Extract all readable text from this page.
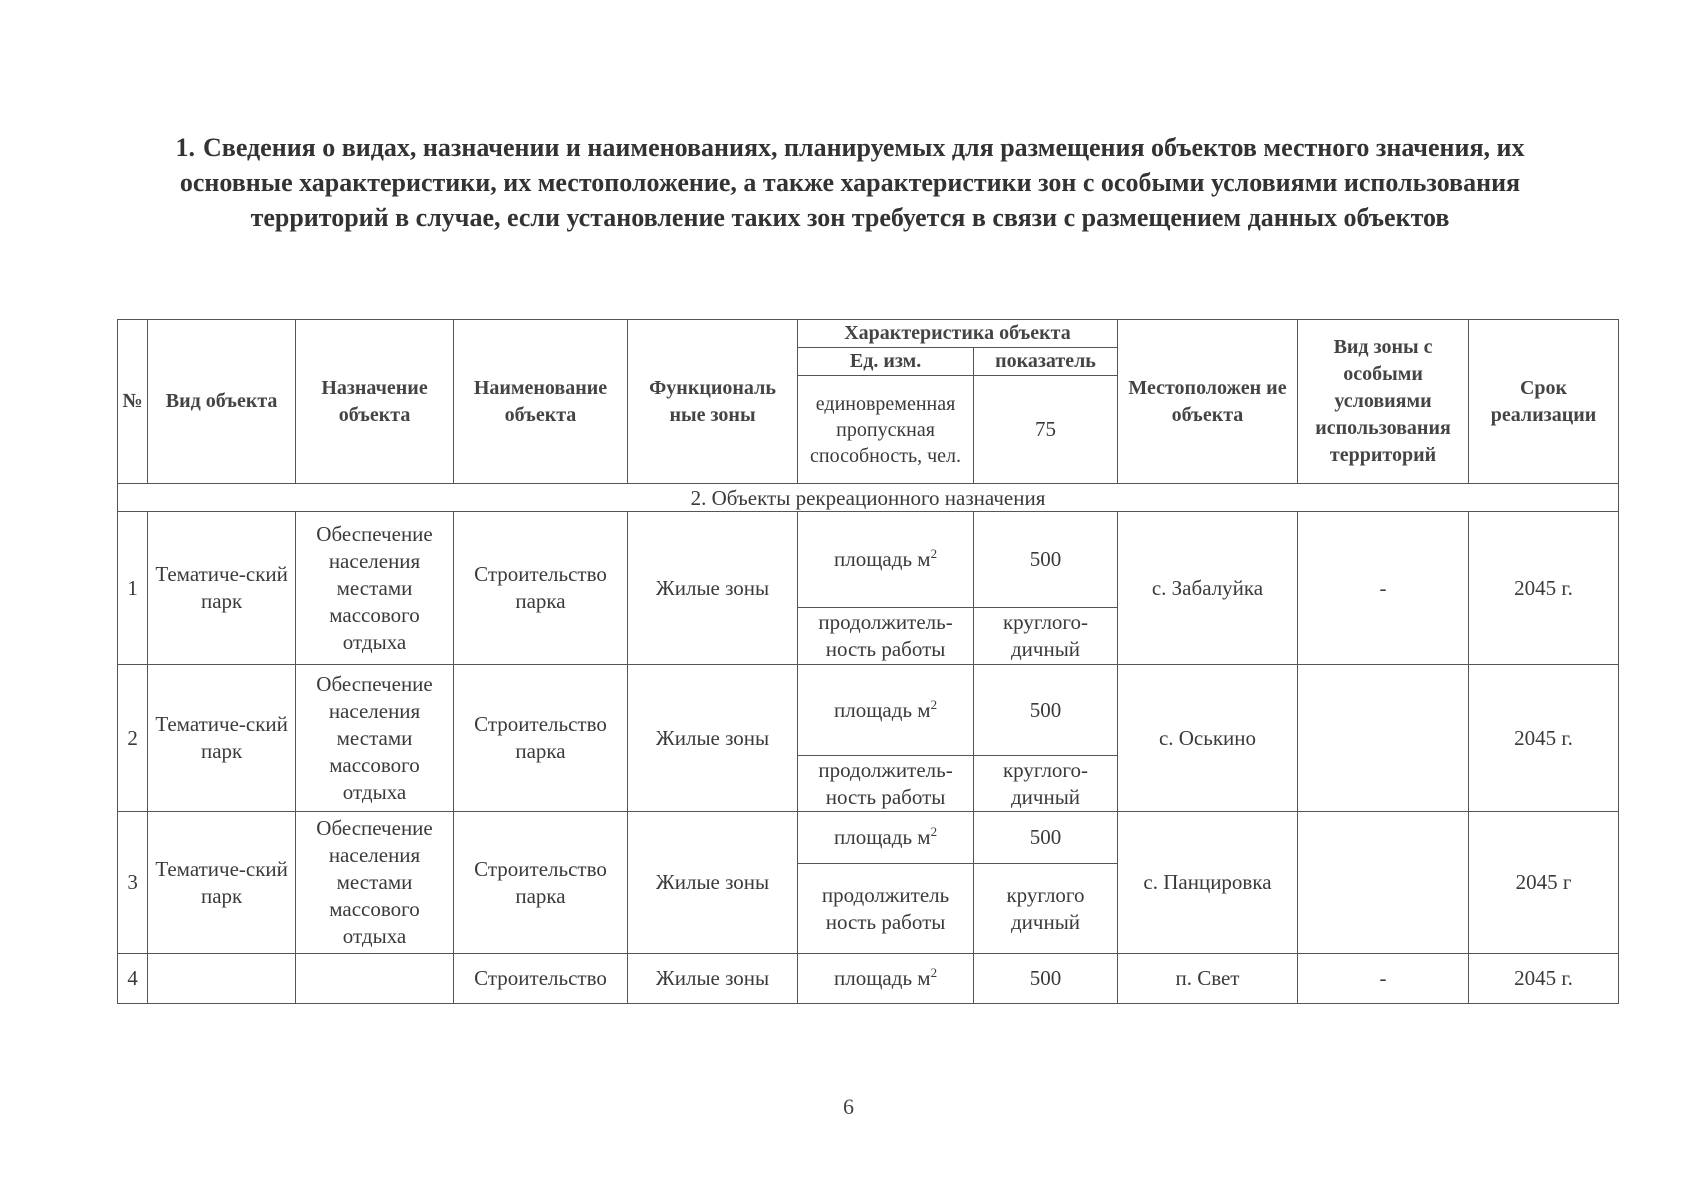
1. Сведения о видах, назначении и наименованиях, планируемых для размещения объектов местного значения, их основные характеристики, их местоположение, а также характеристики зон с особыми условиями использования территорий в случае, если установление таких зон требуется в связи с размещением данных объектов
№	Вид объекта	Назначение объекта	Наименование объекта	Функциональ ные зоны	Характеристика объекта		Местоположен ие объекта	Вид зоны с особыми условиями использования территорий	Срок реализации
					Ед. изм.	показатель			
					единовременная пропускная способность, чел.	75			
2. Объекты рекреационного назначения									
1	Тематиче-ский парк	Обеспечение населения местами массового отдыха	Строительство парка	Жилые зоны	площадь $м^2$	500	с. Забалуйка	-	2045 г.
					продолжитель-ность работы	круглого-дичный			
2	Тематиче-ский парк	Обеспечение населения местами массового отдыха	Строительство парка	Жилые зоны	площадь $м^2$	500	с. Оськино		2045 г.
					продолжитель-ность работы	круглого-дичный			
3	Тематиче-ский парк	Обеспечение населения местами массового отдыха	Строительство парка	Жилые зоны	площадь $м^2$	500	с. Панцировка		2045 г
					продолжитель ность работы	круглого дичный			
4			Строительство	Жилые зоны	площадь $м^2$	500	п. Свет	-	2045 г.
6
